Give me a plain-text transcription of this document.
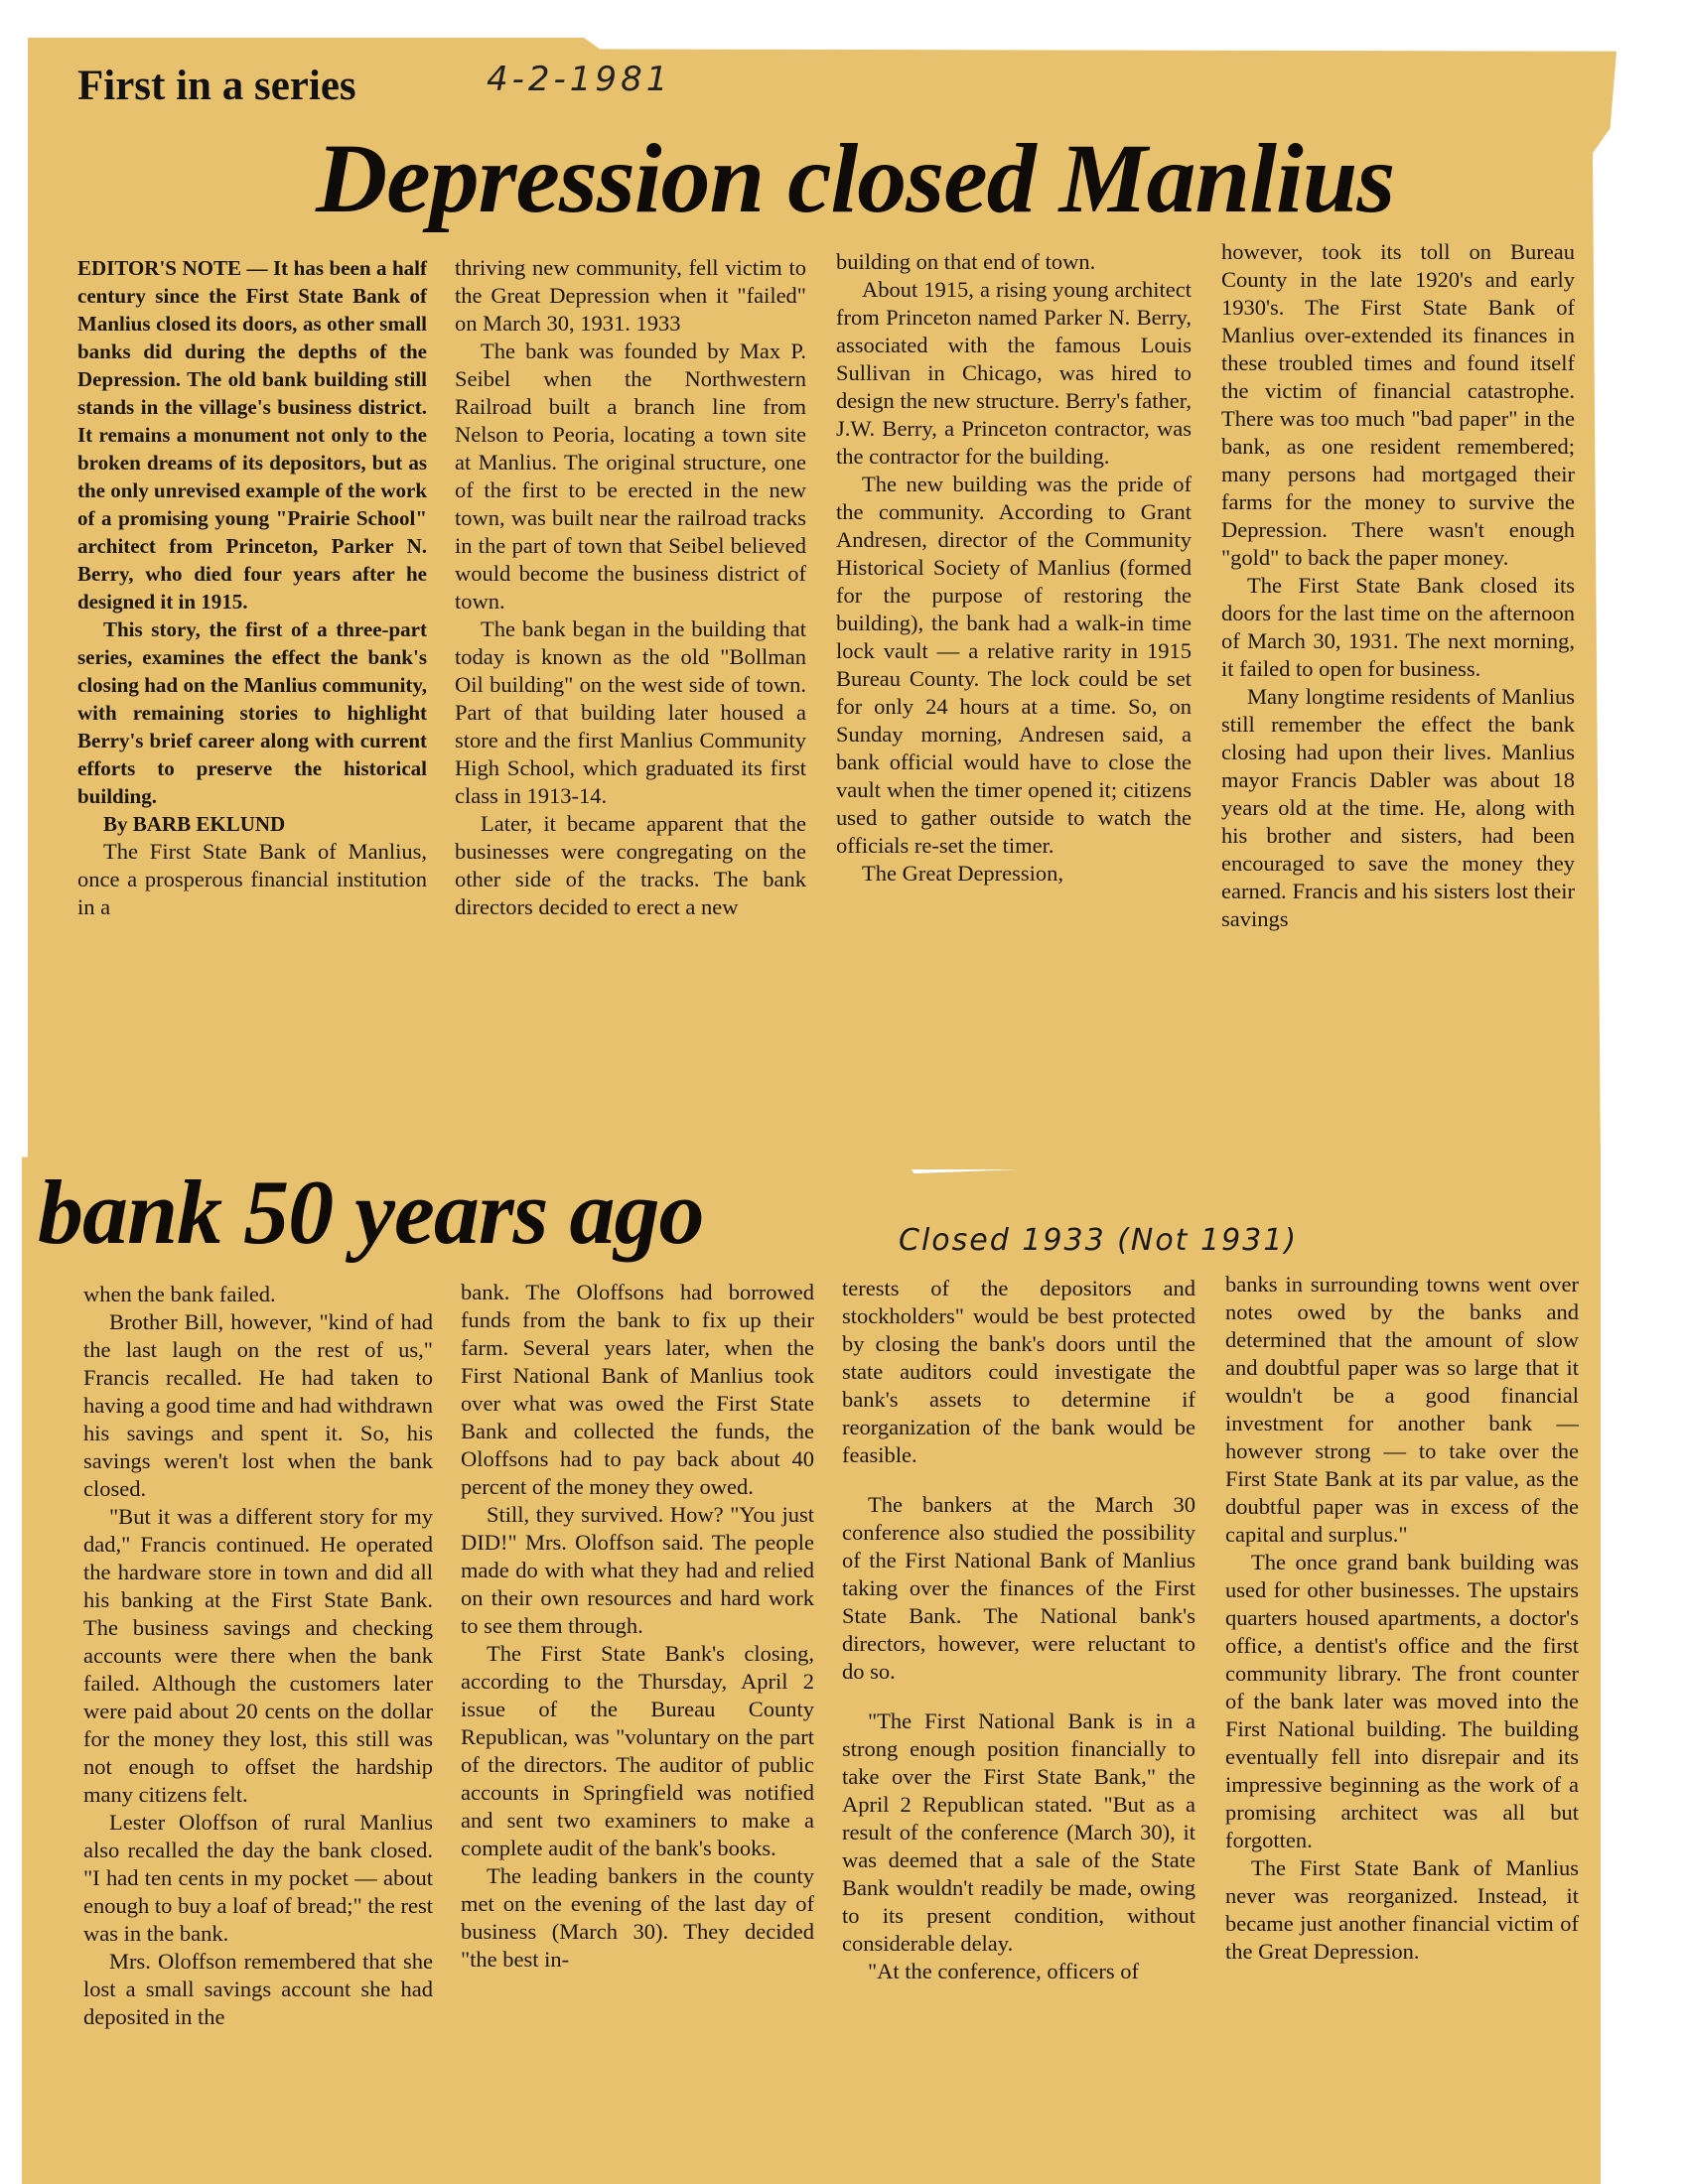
First in a series	4-2-1981
Depression closed Manlius

EDITOR'S NOTE — It has been a half century since the First State Bank of Manlius closed its doors, as other small banks did during the depths of the Depression. The old bank building still stands in the village's business district. It remains a monument not only to the broken dreams of its depositors, but as the only unrevised example of the work of a promising young "Prairie School" architect from Princeton, Parker N. Berry, who died four years after he designed it in 1915.

This story, the first of a three-part series, examines the effect the bank's closing had on the Manlius community, with remaining stories to highlight Berry's brief career along with current efforts to preserve the historical building.

By BARB EKLUND

The First State Bank of Manlius, once a prosperous financial institution in a

thriving new community, fell victim to the Great Depression when it "failed" on March 30, 1931. 1933

The bank was founded by Max P. Seibel when the Northwestern Railroad built a branch line from Nelson to Peoria, locating a town site at Manlius. The original structure, one of the first to be erected in the new town, was built near the railroad tracks in the part of town that Seibel believed would become the business district of town.

The bank began in the building that today is known as the old "Bollman Oil building" on the west side of town. Part of that building later housed a store and the first Manlius Community High School, which graduated its first class in 1913-14.

Later, it became apparent that the businesses were congregating on the other side of the tracks. The bank directors decided to erect a new

building on that end of town.

About 1915, a rising young architect from Princeton named Parker N. Berry, associated with the famous Louis Sullivan in Chicago, was hired to design the new structure. Berry's father, J.W. Berry, a Princeton contractor, was the contractor for the building.

The new building was the pride of the community. According to Grant Andresen, director of the Community Historical Society of Manlius (formed for the purpose of restoring the building), the bank had a walk-in time lock vault — a relative rarity in 1915 Bureau County. The lock could be set for only 24 hours at a time. So, on Sunday morning, Andresen said, a bank official would have to close the vault when the timer opened it; citizens used to gather outside to watch the officials re-set the timer.

The Great Depression,

however, took its toll on Bureau County in the late 1920's and early 1930's. The First State Bank of Manlius over-extended its finances in these troubled times and found itself the victim of financial catastrophe. There was too much "bad paper" in the bank, as one resident remembered; many persons had mortgaged their farms for the money to survive the Depression. There wasn't enough "gold" to back the paper money.

The First State Bank closed its doors for the last time on the afternoon of March 30, 1931. The next morning, it failed to open for business.

Many longtime residents of Manlius still remember the effect the bank closing had upon their lives. Manlius mayor Francis Dabler was about 18 years old at the time. He, along with his brother and sisters, had been encouraged to save the money they earned. Francis and his sisters lost their savings

bank 50 years ago	Closed 1933 (Not 1931)

when the bank failed.

Brother Bill, however, "kind of had the last laugh on the rest of us," Francis recalled. He had taken to having a good time and had withdrawn his savings and spent it. So, his savings weren't lost when the bank closed.

"But it was a different story for my dad," Francis continued. He operated the hardware store in town and did all his banking at the First State Bank. The business savings and checking accounts were there when the bank failed. Although the customers later were paid about 20 cents on the dollar for the money they lost, this still was not enough to offset the hardship many citizens felt.

Lester Oloffson of rural Manlius also recalled the day the bank closed. "I had ten cents in my pocket — about enough to buy a loaf of bread;" the rest was in the bank.

Mrs. Oloffson remembered that she lost a small savings account she had deposited in the

bank. The Oloffsons had borrowed funds from the bank to fix up their farm. Several years later, when the First National Bank of Manlius took over what was owed the First State Bank and collected the funds, the Oloffsons had to pay back about 40 percent of the money they owed.

Still, they survived. How? "You just DID!" Mrs. Oloffson said. The people made do with what they had and relied on their own resources and hard work to see them through.

The First State Bank's closing, according to the Thursday, April 2 issue of the Bureau County Republican, was "voluntary on the part of the directors. The auditor of public accounts in Springfield was notified and sent two examiners to make a complete audit of the bank's books.

The leading bankers in the county met on the evening of the last day of business (March 30). They decided "the best in-

terests of the depositors and stockholders" would be best protected by closing the bank's doors until the state auditors could investigate the bank's assets to determine if reorganization of the bank would be feasible.

The bankers at the March 30 conference also studied the possibility of the First National Bank of Manlius taking over the finances of the First State Bank. The National bank's directors, however, were reluctant to do so.

"The First National Bank is in a strong enough position financially to take over the First State Bank," the April 2 Republican stated. "But as a result of the conference (March 30), it was deemed that a sale of the State Bank wouldn't readily be made, owing to its present condition, without considerable delay.

"At the conference, officers of

banks in surrounding towns went over notes owed by the banks and determined that the amount of slow and doubtful paper was so large that it wouldn't be a good financial investment for another bank — however strong — to take over the First State Bank at its par value, as the doubtful paper was in excess of the capital and surplus."

The once grand bank building was used for other businesses. The upstairs quarters housed apartments, a doctor's office, a dentist's office and the first community library. The front counter of the bank later was moved into the First National building. The building eventually fell into disrepair and its impressive beginning as the work of a promising architect was all but forgotten.

The First State Bank of Manlius never was reorganized. Instead, it became just another financial victim of the Great Depression.
